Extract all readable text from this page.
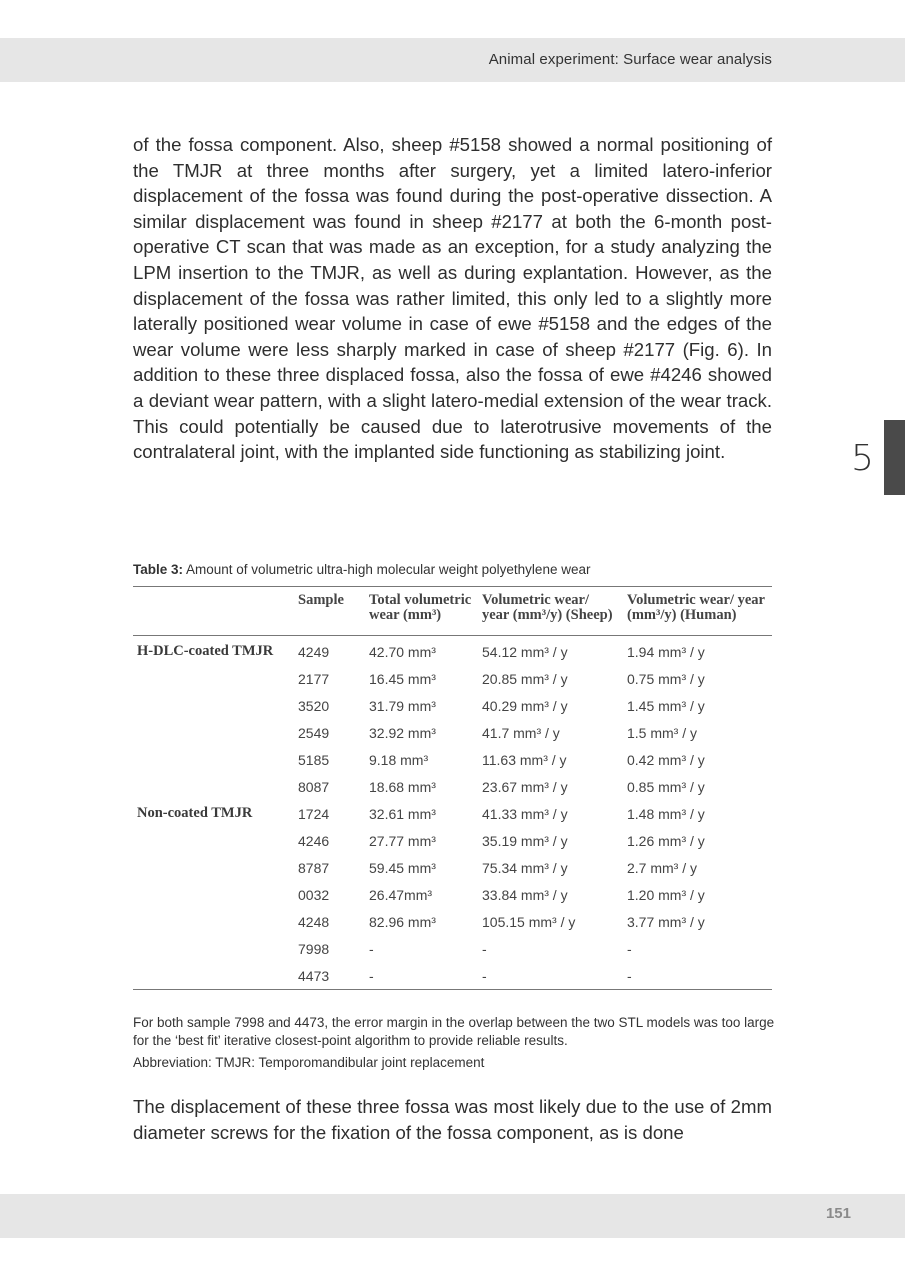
Animal experiment: Surface wear analysis

of the fossa component. Also, sheep #5158 showed a normal positioning of the TMJR at three months after surgery, yet a limited latero-inferior displacement of the fossa was found during the post-operative dissection. A similar displacement was found in sheep #2177 at both the 6-month post-operative CT scan that was made as an exception, for a study analyzing the LPM insertion to the TMJR, as well as during explantation. However, as the displacement of the fossa was rather limited, this only led to a slightly more laterally positioned wear volume in case of ewe #5158 and the edges of the wear volume were less sharply marked in case of sheep #2177 (Fig. 6). In addition to these three displaced fossa, also the fossa of ewe #4246 showed a deviant wear pattern, with a slight latero-medial extension of the wear track. This could potentially be caused due to laterotrusive movements of the contralateral joint, with the implanted side functioning as stabilizing joint.	5
Table 3: Amount of volumetric ultra-high molecular weight polyethylene wear
	Sample	Total volumetric wear (mm³)	Volumetric wear/ year (mm³/y) (Sheep)	Volumetric wear/ year (mm³/y) (Human)
H-DLC-coated TMJR	4249	42.70 mm³	54.12 mm³ / y	1.94 mm³ / y
	2177	16.45 mm³	20.85 mm³ / y	0.75 mm³ / y
	3520	31.79 mm³	40.29 mm³ / y	1.45 mm³ / y
	2549	32.92 mm³	41.7 mm³ / y	1.5 mm³ / y
	5185	9.18 mm³	11.63 mm³ / y	0.42 mm³ / y
	8087	18.68 mm³	23.67 mm³ / y	0.85 mm³ / y
Non-coated TMJR	1724	32.61 mm³	41.33 mm³ / y	1.48 mm³ / y
	4246	27.77 mm³	35.19 mm³ / y	1.26 mm³ / y
	8787	59.45 mm³	75.34 mm³ / y	2.7 mm³ / y
	0032	26.47mm³	33.84 mm³ / y	1.20 mm³ / y
	4248	82.96 mm³	105.15 mm³ / y	3.77 mm³ / y
	7998	-	-	-
	4473	-	-	-

For both sample 7998 and 4473, the error margin in the overlap between the two STL models was too large for the ‘best fit’ iterative closest-point algorithm to provide reliable results.

Abbreviation: TMJR: Temporomandibular joint replacement

The displacement of these three fossa was most likely due to the use of 2mm diameter screws for the fixation of the fossa component, as is done

151
